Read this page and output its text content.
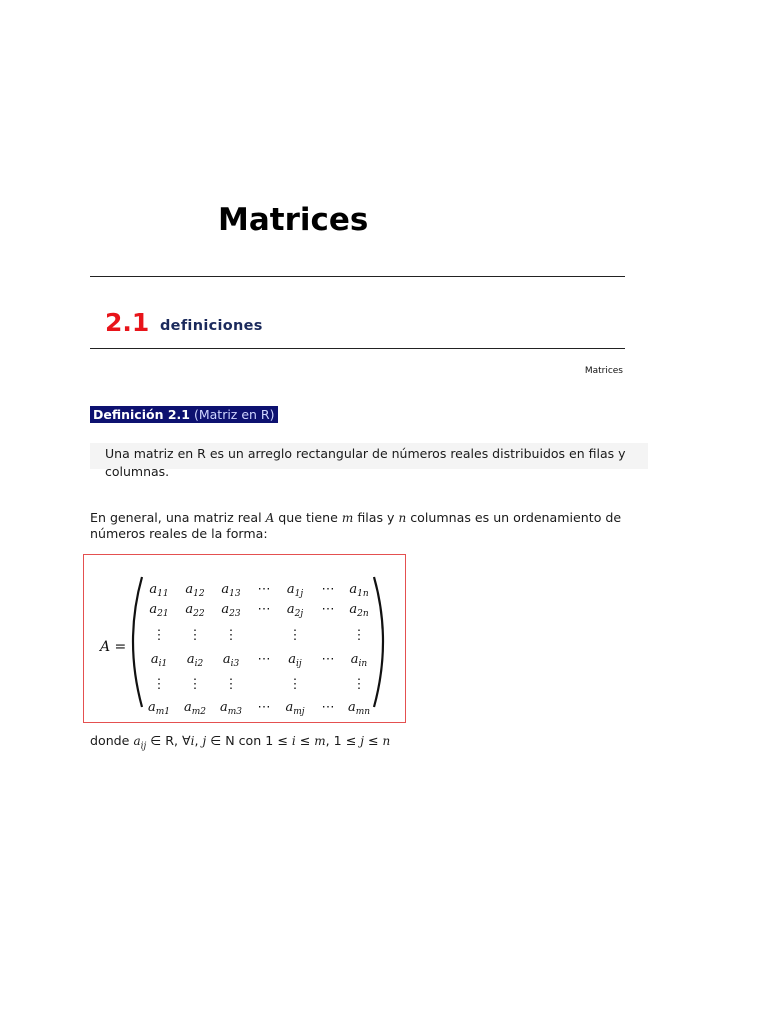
Matrices
2.1 definiciones
Matrices
Definición 2.1 (Matriz en R)
Una matriz en R es un arreglo rectangular de números reales distribuidos en filas y columnas.
En general, una matriz real A que tiene m filas y n columnas es un ordenamiento de números reales de la forma:
A =
$a_{11}$ $a_{12}$ $a_{13}$ ⋯ $a_{1j}$ ⋯ $a_{1n}$
$a_{21}$ $a_{22}$ $a_{23}$ ⋯ $a_{2j}$ ⋯ $a_{2n}$
⋮ ⋮ ⋮	⋮	⋮
$a_{i1}$ $a_{i2}$ $a_{i3}$ ⋯ $a_{ij}$ ⋯ $a_{in}$
⋮ ⋮ ⋮	⋮	⋮
$a_{m1}$ $a_{m2}$ $a_{m3}$ ⋯ $a_{mj}$ ⋯ $a_{mn}$
donde $a_{ij}$ ∈ R, ∀i, j ∈ N con 1 ≤ i ≤ m, 1 ≤ j ≤ n
